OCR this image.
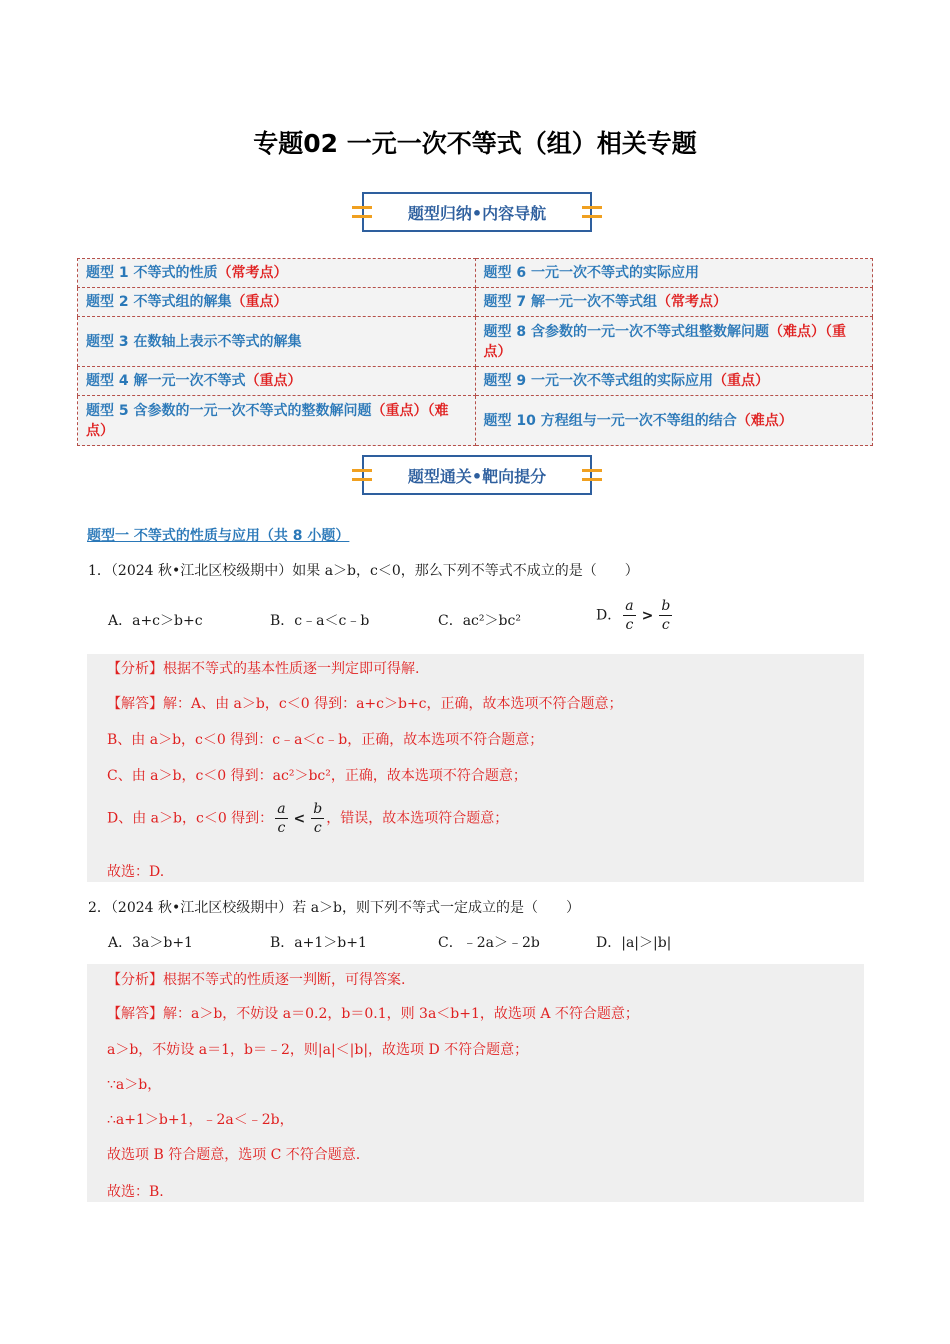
专题02 一元一次不等式（组）相关专题
题型归纳•内容导航
题型 1 不等式的性质（常考点）	题型 6 一元一次不等式的实际应用
题型 2 不等式组的解集（重点）	题型 7 解一元一次不等式组（常考点）
题型 3 在数轴上表示不等式的解集	题型 8 含参数的一元一次不等式组整数解问题（难点）（重点）
题型 4 解一元一次不等式（重点）	题型 9 一元一次不等式组的实际应用（重点）
题型 5 含参数的一元一次不等式的整数解问题（重点）（难点）	题型 10 方程组与一元一次不等组的结合（难点）
题型通关•靶向提分
题型一 不等式的性质与应用（共 8 小题）
1．（2024 秋•江北区校级期中）如果 a＞b，c＜0，那么下列不等式不成立的是（　　）
A．a+c＞b+c	B．c﹣a＜c﹣b	C．ac²＞bc²	D． $\frac{a}{c} > \frac{b}{c}$
【分析】根据不等式的基本性质逐一判定即可得解.
【解答】解：A、由 a＞b，c＜0 得到：a+c＞b+c，正确，故本选项不符合题意；
B、由 a＞b，c＜0 得到：c﹣a＜c﹣b，正确，故本选项不符合题意；
C、由 a＞b，c＜0 得到：ac²＞bc²，正确，故本选项不符合题意；
D、由 a＞b，c＜0 得到： $\frac{a}{c} < \frac{b}{c}$ ，错误，故本选项符合题意；
故选：D.
2．（2024 秋•江北区校级期中）若 a＞b，则下列不等式一定成立的是（　　）
A．3a＞b+1	B．a+1＞b+1	C．﹣2a＞﹣2b	D．|a|＞|b|
【分析】根据不等式的性质逐一判断，可得答案.
【解答】解：a＞b，不妨设 a＝0.2，b＝0.1，则 3a＜b+1，故选项 A 不符合题意；
a＞b，不妨设 a＝1，b＝﹣2，则|a|＜|b|，故选项 D 不符合题意；
∵a＞b，
∴a+1＞b+1，﹣2a＜﹣2b，
故选项 B 符合题意，选项 C 不符合题意.
故选：B.
